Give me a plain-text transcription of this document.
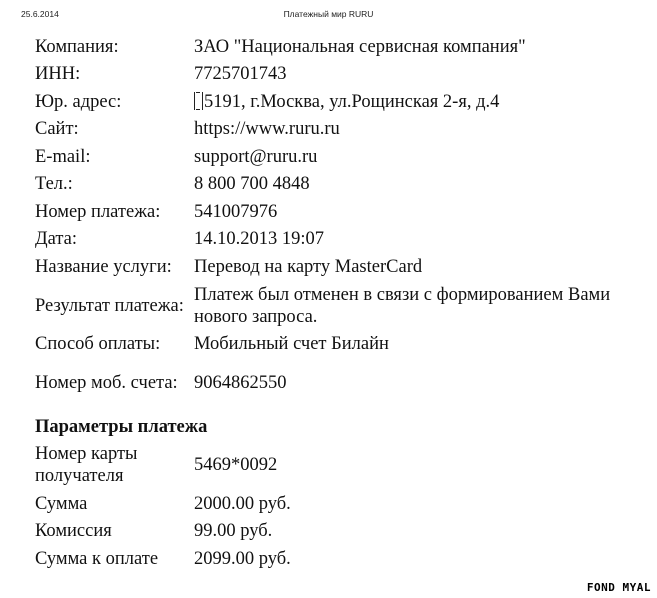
25.6.2014	Платежный мир RURU
Компания:	ЗАО "Национальная сервисная компания"
ИНН:	7725701743
Юр. адрес:	5191, г.Москва, ул.Рощинская 2-я, д.4
Сайт:	https://www.ruru.ru
E-mail:	support@ruru.ru
Тел.:	8 800 700 4848
Номер платежа:	541007976
Дата:	14.10.2013 19:07
Название услуги:	Перевод на карту MasterCard
Результат платежа:	Платеж был отменен в связи с формированием Вами нового запроса.
Способ оплаты:	Мобильный счет Билайн
Номер моб. счета:	9064862550
Параметры платежа	
Номер карты получателя	5469*0092
Сумма	2000.00 руб.
Комиссия	99.00 руб.
Сумма к оплате	2099.00 руб.
FOND MYAL
